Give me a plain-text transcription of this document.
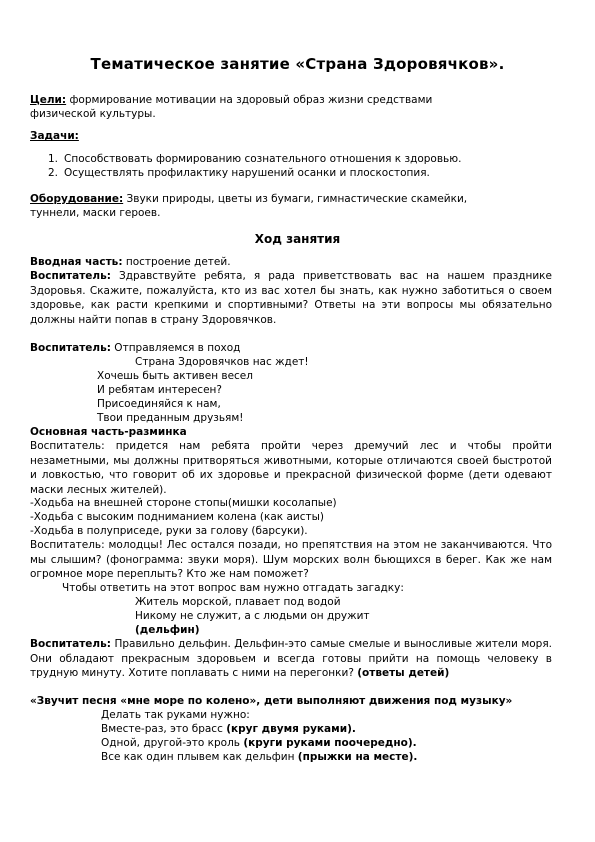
Тематическое занятие «Страна Здоровячков».
Цели: формирование мотивации на здоровый образ жизни средствами
физической культуры.
Задачи:
1. Способствовать формированию сознательного отношения к здоровью.
2. Осуществлять профилактику нарушений осанки и плоскостопия.
Оборудование: Звуки природы, цветы из бумаги, гимнастические скамейки,
туннели, маски героев.
Ход занятия
Вводная часть: построение детей.

Воспитатель: Здравствуйте ребята, я рада приветствовать вас на нашем празднике Здоровья. Скажите, пожалуйста, кто из вас хотел бы знать, как нужно заботиться о своем здоровье, как расти крепкими и спортивными? Ответы на эти вопросы мы обязательно должны найти попав в страну Здоровячков.

Воспитатель: Отправляемся в поход
Страна Здоровячков нас ждет!
Хочешь быть активен весел
И ребятам интересен?
Присоединяйся к нам,
Твои преданным друзьям!
Основная часть-разминка

Воспитатель: придется нам ребята пройти через дремучий лес и чтобы пройти незаметными, мы должны притворяться животными, которые отличаются своей быстротой и ловкостью, что говорит об их здоровье и прекрасной физической форме (дети одевают маски лесных жителей).

-Ходьба на внешней стороне стопы(мишки косолапые)
-Ходьба с высоким подниманием колена (как аисты)
-Ходьба в полуприседе, руки за голову (барсуки).

Воспитатель: молодцы! Лес остался позади, но препятствия на этом не заканчиваются. Что мы слышим? (фонограмма: звуки моря). Шум морских волн бьющихся в берег. Как же нам огромное море переплыть? Кто же нам поможет?

Чтобы ответить на этот вопрос вам нужно отгадать загадку:
Житель морской, плавает под водой
Никому не служит, а с людьми он дружит
(дельфин)

Воспитатель: Правильно дельфин. Дельфин-это самые смелые и выносливые жители моря. Они обладают прекрасным здоровьем и всегда готовы прийти на помощь человеку в трудную минуту. Хотите поплавать с ними на перегонки? (ответы детей)

«Звучит песня «мне море по колено», дети выполняют движения под музыку»
Делать так руками нужно:
Вместе-раз, это брасс (круг двумя руками).
Одной, другой-это кроль (круги руками поочередно).
Все как один плывем как дельфин (прыжки на месте).
